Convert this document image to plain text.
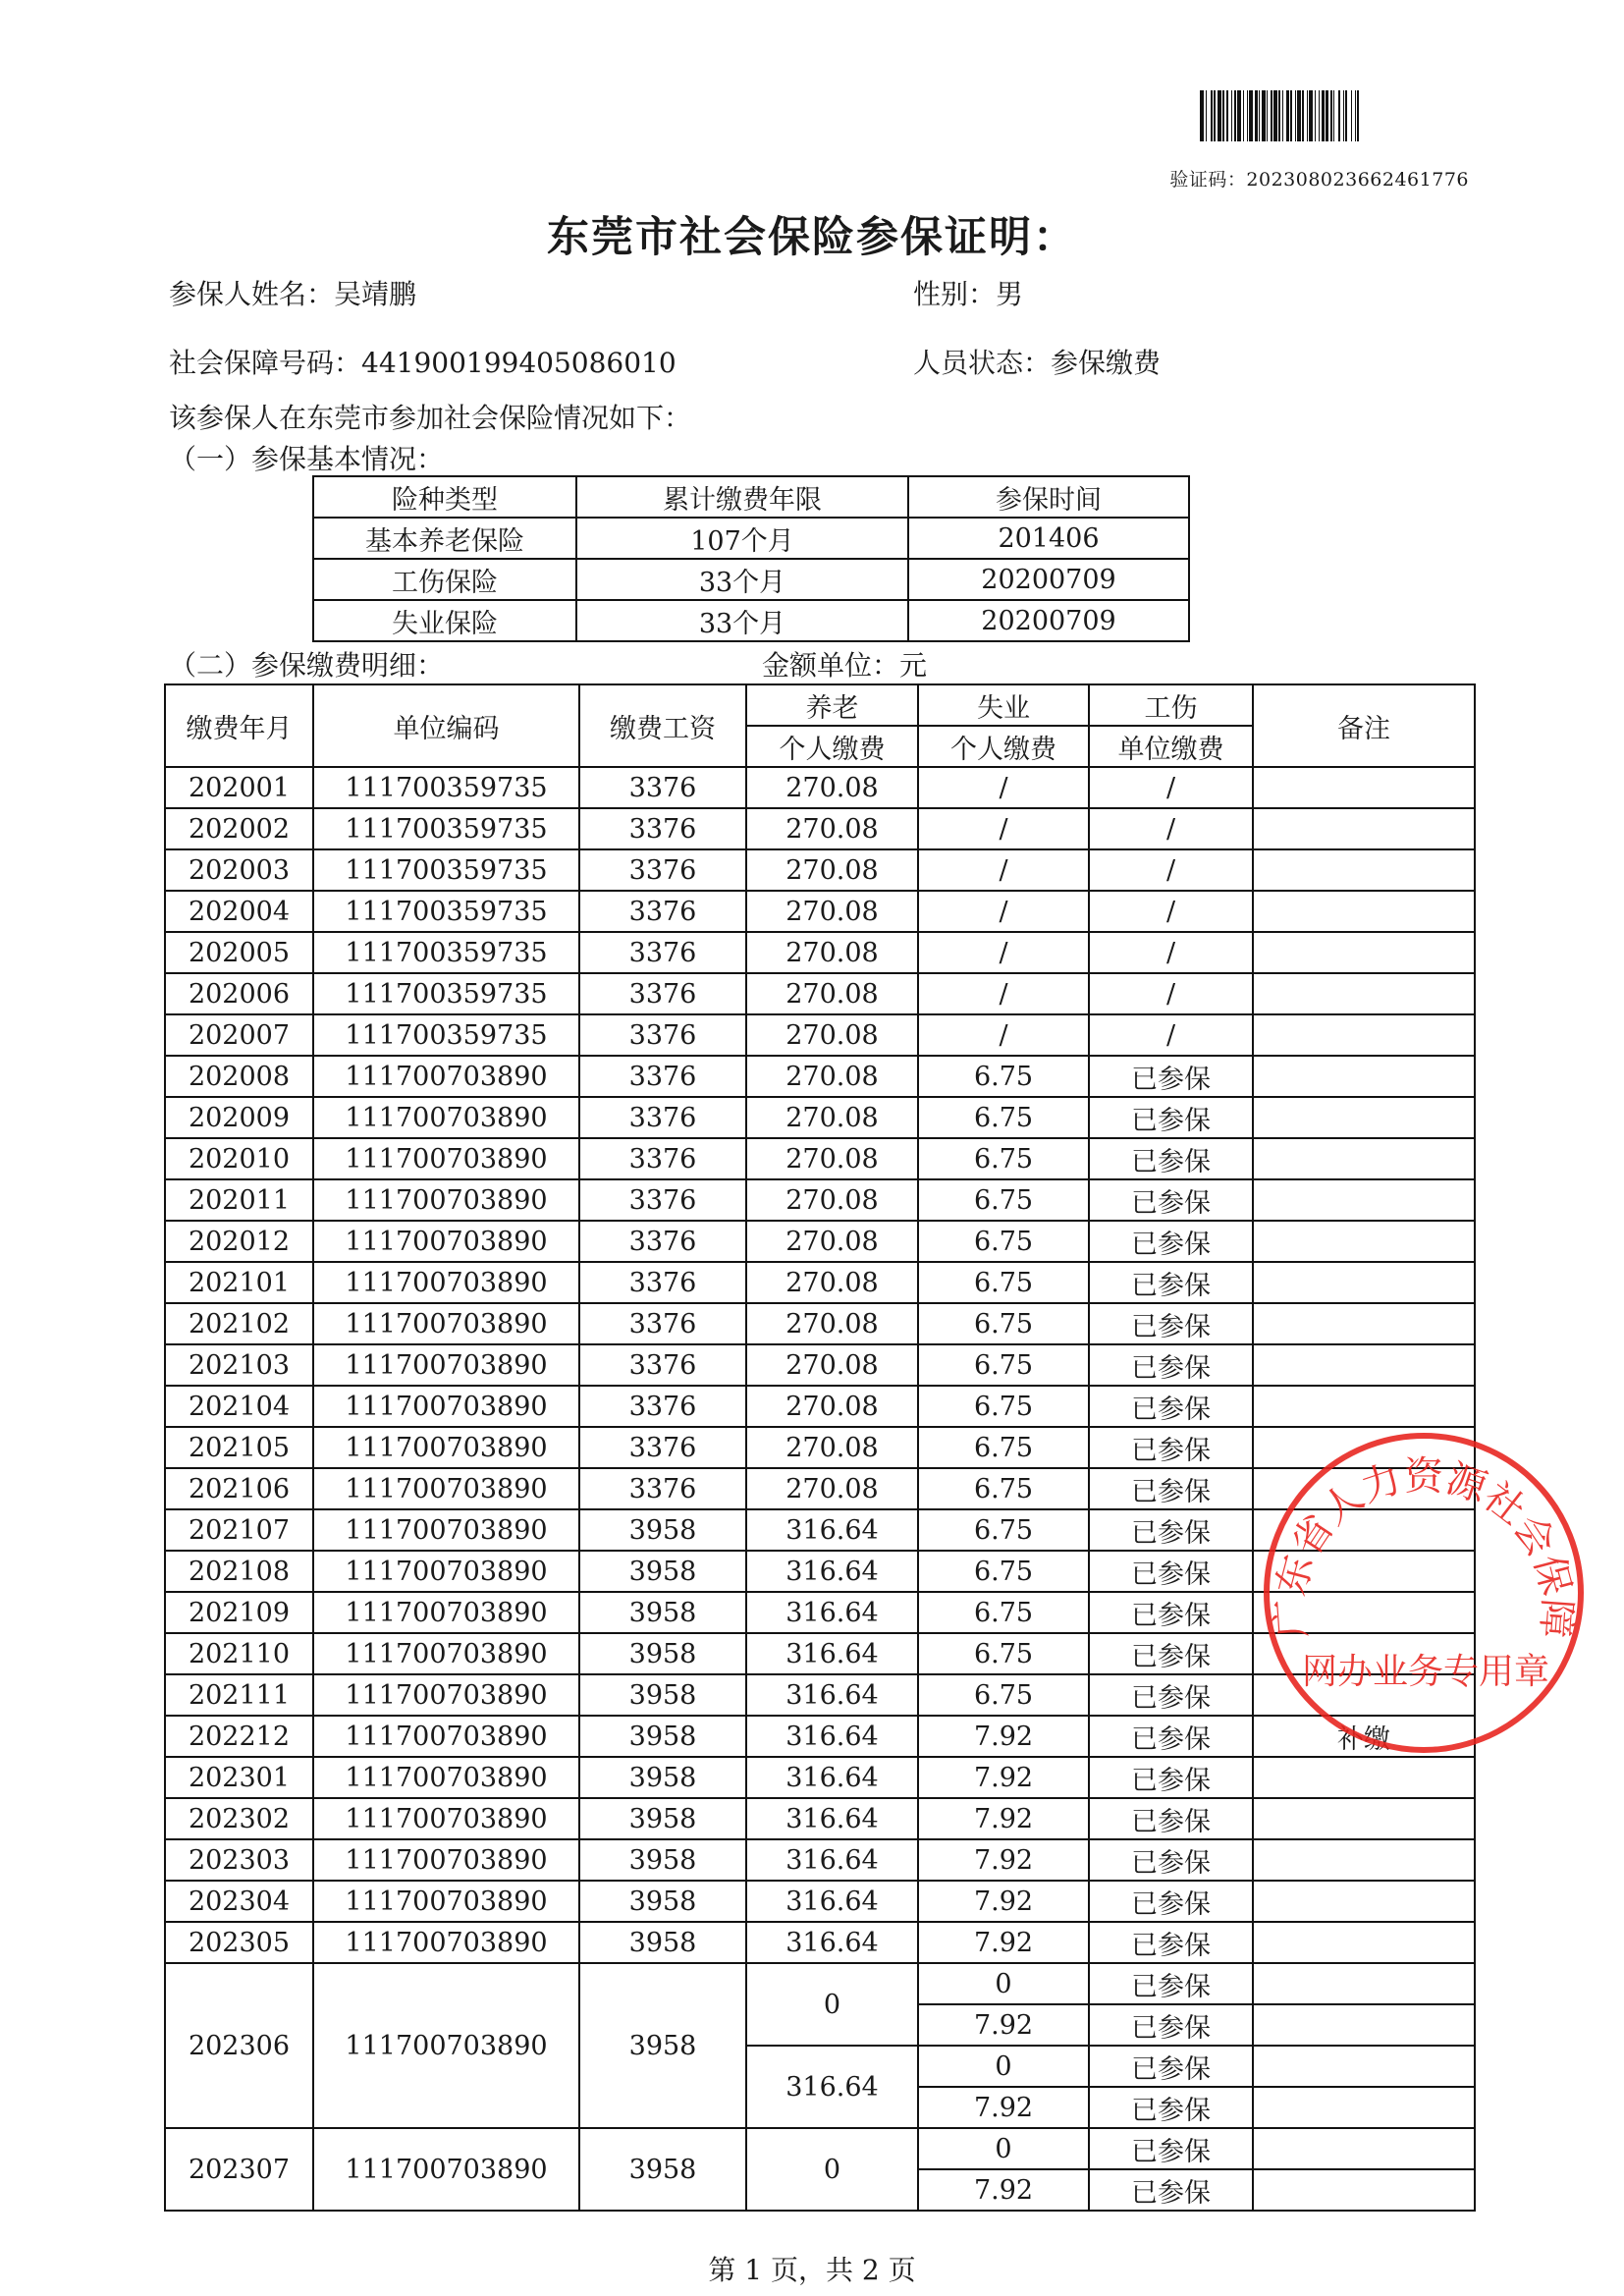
验证码：20230802366246177​6
东莞市社会保险参保证明：
参保人姓名：吴靖鹏	性别：男
社会保障号码：441900199405086010	人员状态：参保缴费
该参保人在东莞市参加社会保险情况如下：
（一）参保基本情况：
险种类型	累计缴费年限	参保时间
基本养老保险	107个月	201406
工伤保险	33个月	20200709
失业保险	33个月	20200709
（二）参保缴费明细：	金额单位：元
缴费年月	单位编码	缴费工资	养老	失业	工伤	备注
			个人缴费	个人缴费	单位缴费	
202001	111700359735	3376	270.08	/	/	
202002	111700359735	3376	270.08	/	/	
202003	111700359735	3376	270.08	/	/	
202004	111700359735	3376	270.08	/	/	
202005	111700359735	3376	270.08	/	/	
202006	111700359735	3376	270.08	/	/	
202007	111700359735	3376	270.08	/	/	
202008	111700703890	3376	270.08	6.75	已参保	
202009	111700703890	3376	270.08	6.75	已参保	
202010	111700703890	3376	270.08	6.75	已参保	
202011	111700703890	3376	270.08	6.75	已参保	
202012	111700703890	3376	270.08	6.75	已参保	
202101	111700703890	3376	270.08	6.75	已参保	
202102	111700703890	3376	270.08	6.75	已参保	
202103	111700703890	3376	270.08	6.75	已参保	
202104	111700703890	3376	270.08	6.75	已参保	
202105	111700703890	3376	270.08	6.75	已参保	
202106	111700703890	3376	270.08	6.75	已参保	
202107	111700703890	3958	316.64	6.75	已参保	
202108	111700703890	3958	316.64	6.75	已参保	
202109	111700703890	3958	316.64	6.75	已参保	
202110	111700703890	3958	316.64	6.75	已参保	
202111	111700703890	3958	316.64	6.75	已参保	
202212	111700703890	3958	316.64	7.92	已参保	补缴
202301	111700703890	3958	316.64	7.92	已参保	
202302	111700703890	3958	316.64	7.92	已参保	
202303	111700703890	3958	316.64	7.92	已参保	
202304	111700703890	3958	316.64	7.92	已参保	
202305	111700703890	3958	316.64	7.92	已参保	
202306	111700703890	3958	0	0	已参保	
				7.92	已参保	
			316.64	0	已参保	
				7.92	已参保	
202307	111700703890	3958	0	0	已参保	
				7.92	已参保	
第 1 页，共 2 页
广东省人力资源社会保障
网办业务专用章
